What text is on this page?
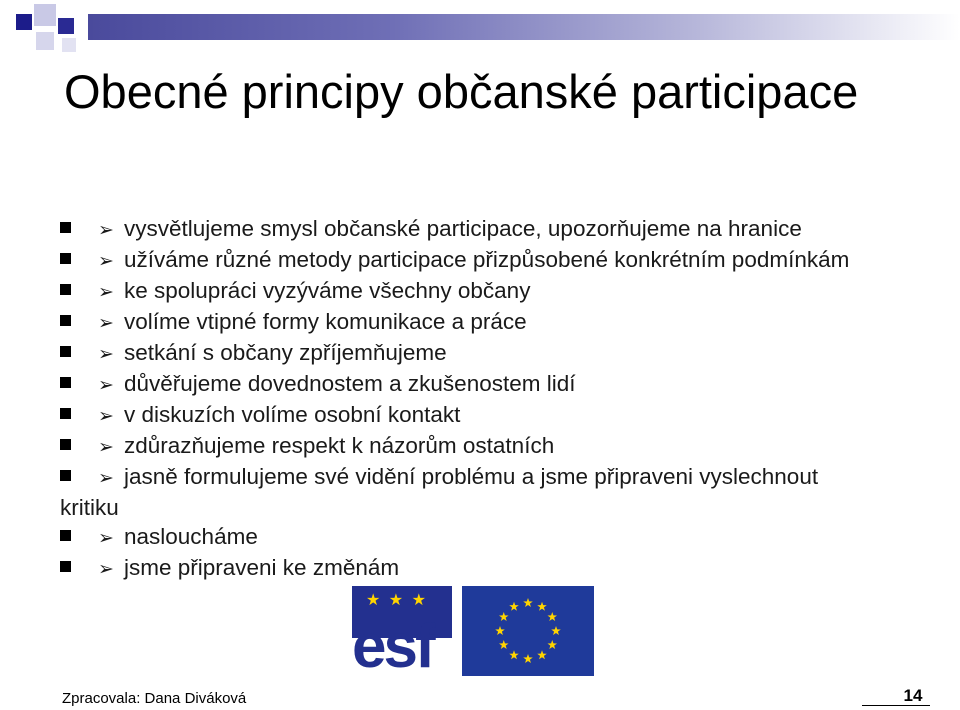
Obecné principy občanské participace
➢ vysvětlujeme smysl občanské participace, upozorňujeme na hranice
➢ užíváme různé metody participace přizpůsobené konkrétním podmínkám
➢ ke spolupráci vyzýváme všechny občany
➢ volíme vtipné formy komunikace a práce
➢ setkání s občany zpříjemňujeme
➢ důvěřujeme dovednostem a zkušenostem lidí
➢ v diskuzích volíme osobní kontakt
➢ zdůrazňujeme respekt k názorům ostatních
➢ jasně formulujeme své vidění problému a jsme připraveni vyslechnout
kritiku
➢ nasloucháme
➢ jsme připraveni ke změnám
★ ★ ★
esf
Zpracovala: Dana Diváková	14
